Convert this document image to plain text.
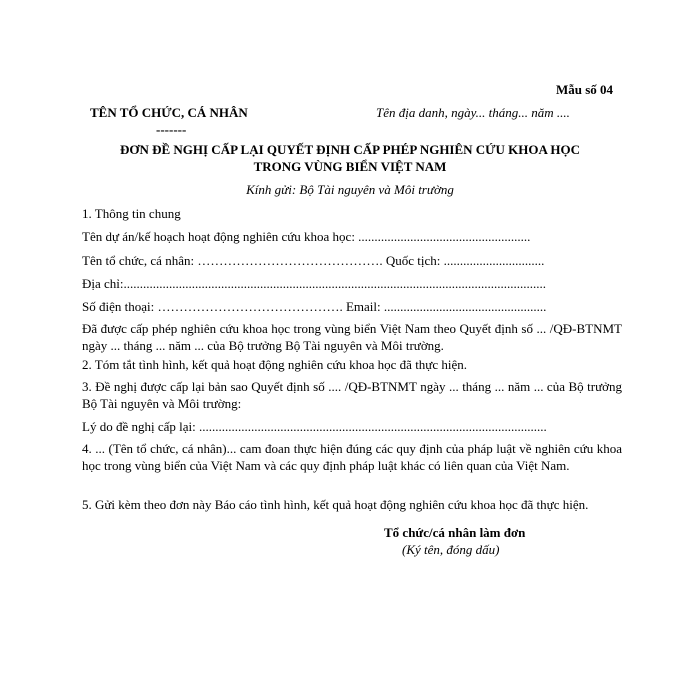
Mẫu số 04
TÊN TỔ CHỨC, CÁ NHÂN
-------
Tên địa danh, ngày... tháng... năm ....
ĐƠN ĐỀ NGHỊ CẤP LẠI QUYẾT ĐỊNH CẤP PHÉP NGHIÊN CỨU KHOA HỌC
TRONG VÙNG BIỂN VIỆT NAM
Kính gửi: Bộ Tài nguyên và Môi trường
1. Thông tin chung
Tên dự án/kế hoạch hoạt động nghiên cứu khoa học: .....................................................
Tên tổ chức, cá nhân: ……………………………………. Quốc tịch: ...............................
Địa chỉ:..................................................................................................................................
Số điện thoại: ……………………………………. Email: ..................................................
Đã được cấp phép nghiên cứu khoa học trong vùng biển Việt Nam theo Quyết định số ... /QĐ-BTNMT ngày ... tháng ... năm ... của Bộ trưởng Bộ Tài nguyên và Môi trường.
2. Tóm tắt tình hình, kết quả hoạt động nghiên cứu khoa học đã thực hiện.
3. Đề nghị được cấp lại bản sao Quyết định số .... /QĐ-BTNMT ngày ... tháng ... năm ... của Bộ trưởng Bộ Tài nguyên và Môi trường:
Lý do đề nghị cấp lại: ...........................................................................................................
4. ... (Tên tổ chức, cá nhân)... cam đoan thực hiện đúng các quy định của pháp luật về nghiên cứu khoa học trong vùng biển của Việt Nam và các quy định pháp luật khác có liên quan của Việt Nam.
5. Gửi kèm theo đơn này Báo cáo tình hình, kết quả hoạt động nghiên cứu khoa học đã thực hiện.
Tổ chức/cá nhân làm đơn
(Ký tên, đóng dấu)
